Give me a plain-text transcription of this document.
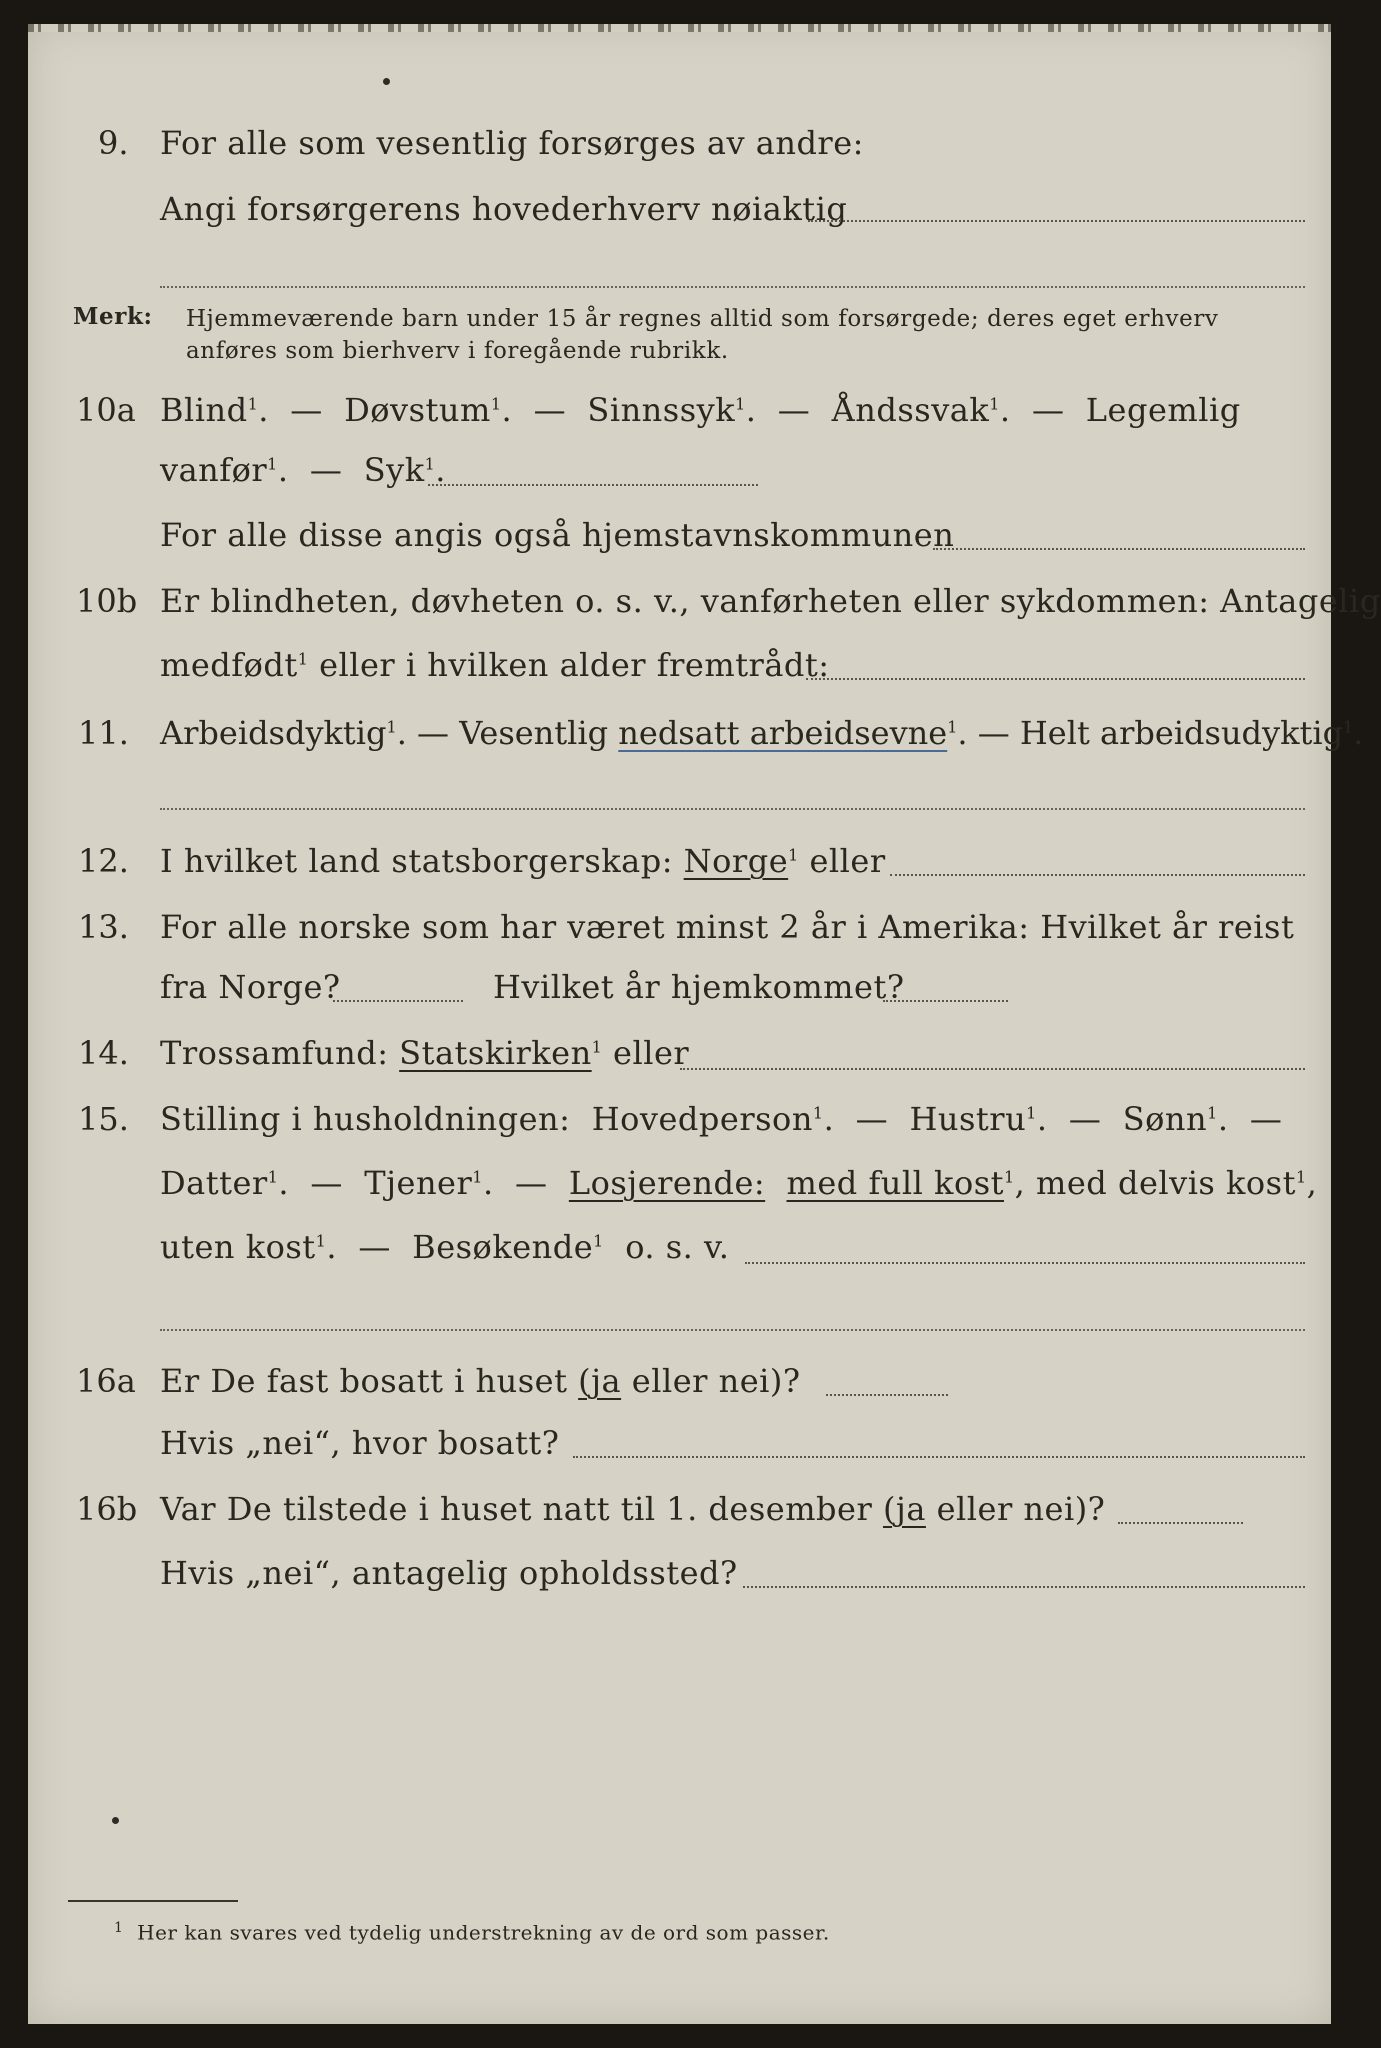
9. For alle som vesentlig forsørges av andre:
Angi forsørgerens hovederhverv nøiaktig
Merk: Hjemmeværende barn under 15 år regnes alltid som forsørgede; deres eget erhverv
anføres som bierhverv i foregående rubrikk.
10a Blind$^1$.  —  Døvstum$^1$.  —  Sinnssyk$^1$.  —  Åndssvak$^1$.  —  Legemlig
vanfør$^1$.  —  Syk$^1$.
For alle disse angis også hjemstavnskommunen
10b Er blindheten, døvheten o. s. v., vanførheten eller sykdommen: Antagelig
medfødt$^1$ eller i hvilken alder fremtrådt:
11. Arbeidsdyktig$^1$. — Vesentlig nedsatt arbeidsevne$^1$. — Helt arbeidsudyktig$^1$.
12. I hvilket land statsborgerskap: Norge$^1$ eller
13. For alle norske som har været minst 2 år i Amerika: Hvilket år reist
fra Norge?	Hvilket år hjemkommet?
14. Trossamfund: Statskirken$^1$ eller
15. Stilling i husholdningen: Hovedperson$^1$.  —  Hustru$^1$.  —  Sønn$^1$.  —
Datter$^1$.  —  Tjener$^1$.  —  Losjerende: med full kost$^1$, med delvis kost$^1$,
uten kost$^1$.  —  Besøkende$^1$ o. s. v.
16a Er De fast bosatt i huset (ja eller nei)?
Hvis „nei“, hvor bosatt?
16b Var De tilstede i huset natt til 1. desember (ja eller nei)?
Hvis „nei“, antagelig opholdssted?
$^1$ Her kan svares ved tydelig understrekning av de ord som passer.
